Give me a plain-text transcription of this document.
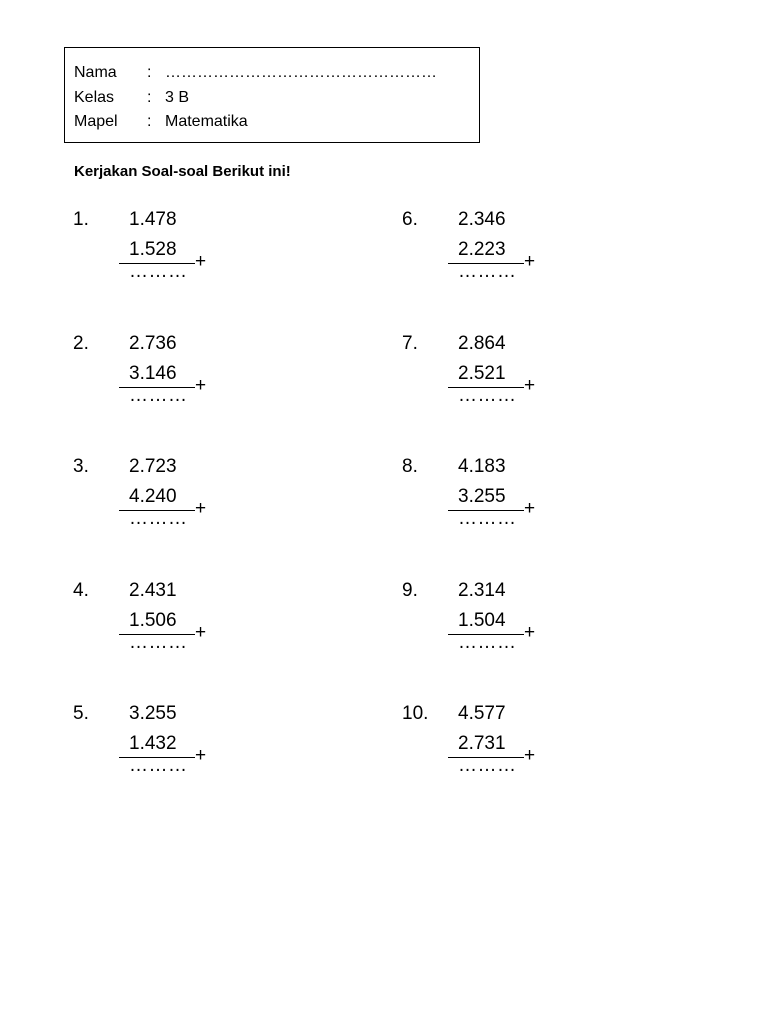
Nama : ……………………………………………
Kelas : 3 B
Mapel : Matematika
Kerjakan Soal-soal Berikut ini!
1. 1.478
1.528
+
………
2. 2.736
3.146
+
………
3. 2.723
4.240
+
………
4. 2.431
1.506
+
………
5. 3.255
1.432
+
………
6. 2.346
2.223
+
………
7. 2.864
2.521
+
………
8. 4.183
3.255
+
………
9. 2.314
1.504
+
………
10. 4.577
2.731
+
………
